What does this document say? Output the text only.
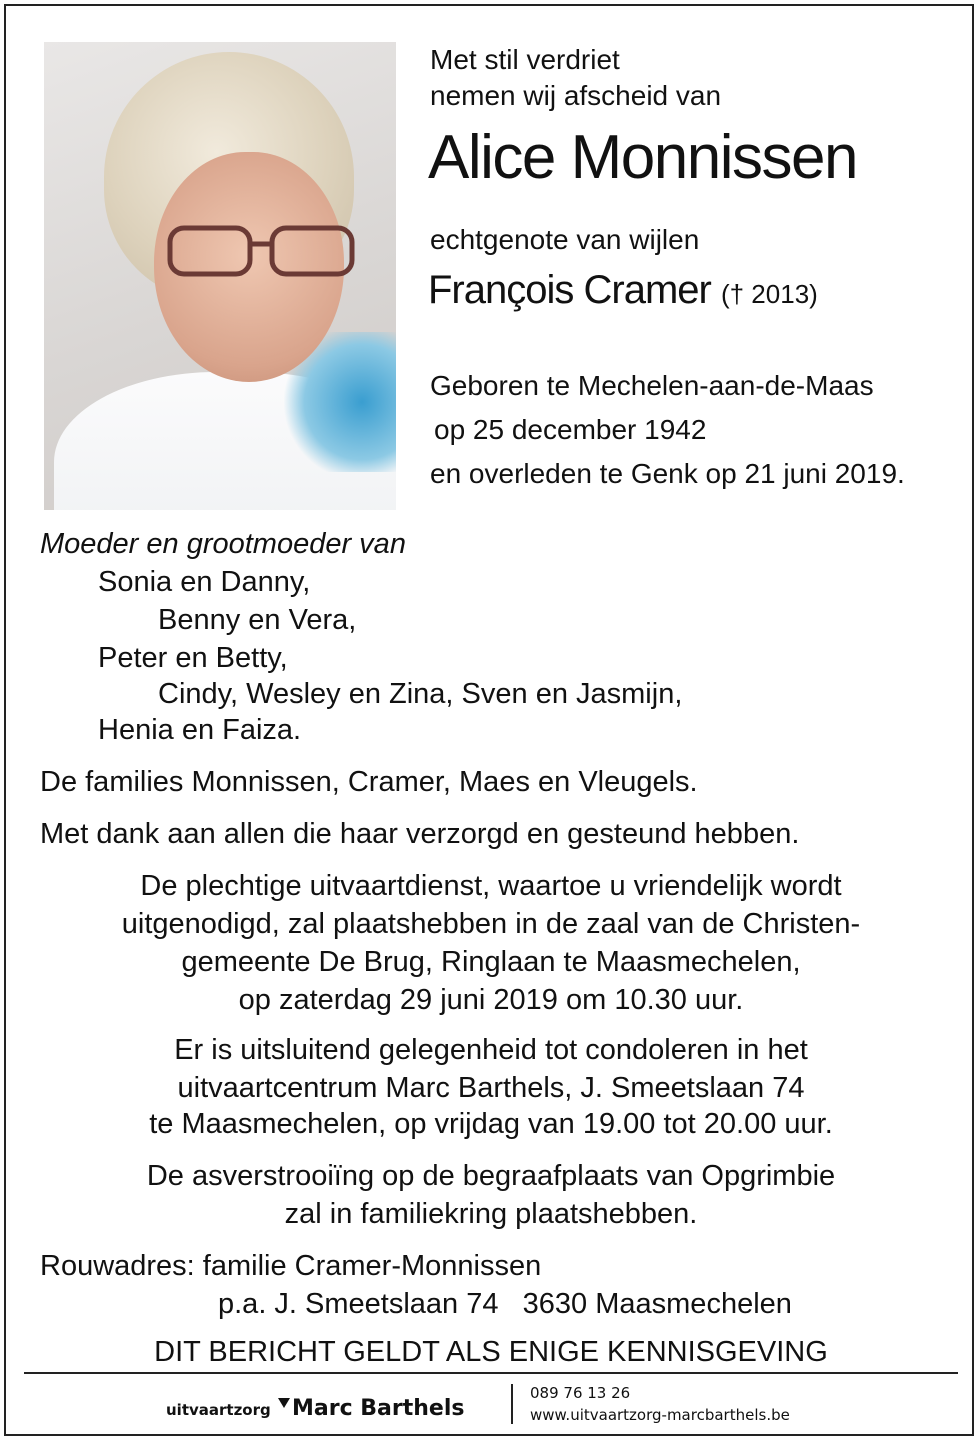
Met stil verdriet
nemen wij afscheid van
Alice Monnissen
echtgenote van wijlen
François Cramer († 2013)
Geboren te Mechelen-aan-de-Maas
op 25 december 1942
en overleden te Genk op 21 juni 2019.
Moeder en grootmoeder van
Sonia en Danny,
Benny en Vera,
Peter en Betty,
Cindy, Wesley en Zina, Sven en Jasmijn,
Henia en Faiza.
De families Monnissen, Cramer, Maes en Vleugels.
Met dank aan allen die haar verzorgd en gesteund hebben.
De plechtige uitvaartdienst, waartoe u vriendelijk wordt
uitgenodigd, zal plaatshebben in de zaal van de Christen-
gemeente De Brug, Ringlaan te Maasmechelen,
op zaterdag 29 juni 2019 om 10.30 uur.
Er is uitsluitend gelegenheid tot condoleren in het
uitvaartcentrum Marc Barthels, J. Smeetslaan 74
te Maasmechelen, op vrijdag van 19.00 tot 20.00 uur.
De asverstrooiïng op de begraafplaats van Opgrimbie
zal in familiekring plaatshebben.
Rouwadres: familie Cramer-Monnissen
p.a. J. Smeetslaan 74   3630 Maasmechelen
DIT BERICHT GELDT ALS ENIGE KENNISGEVING
uitvaartzorg Marc Barthels
089 76 13 26
www.uitvaartzorg-marcbarthels.be
